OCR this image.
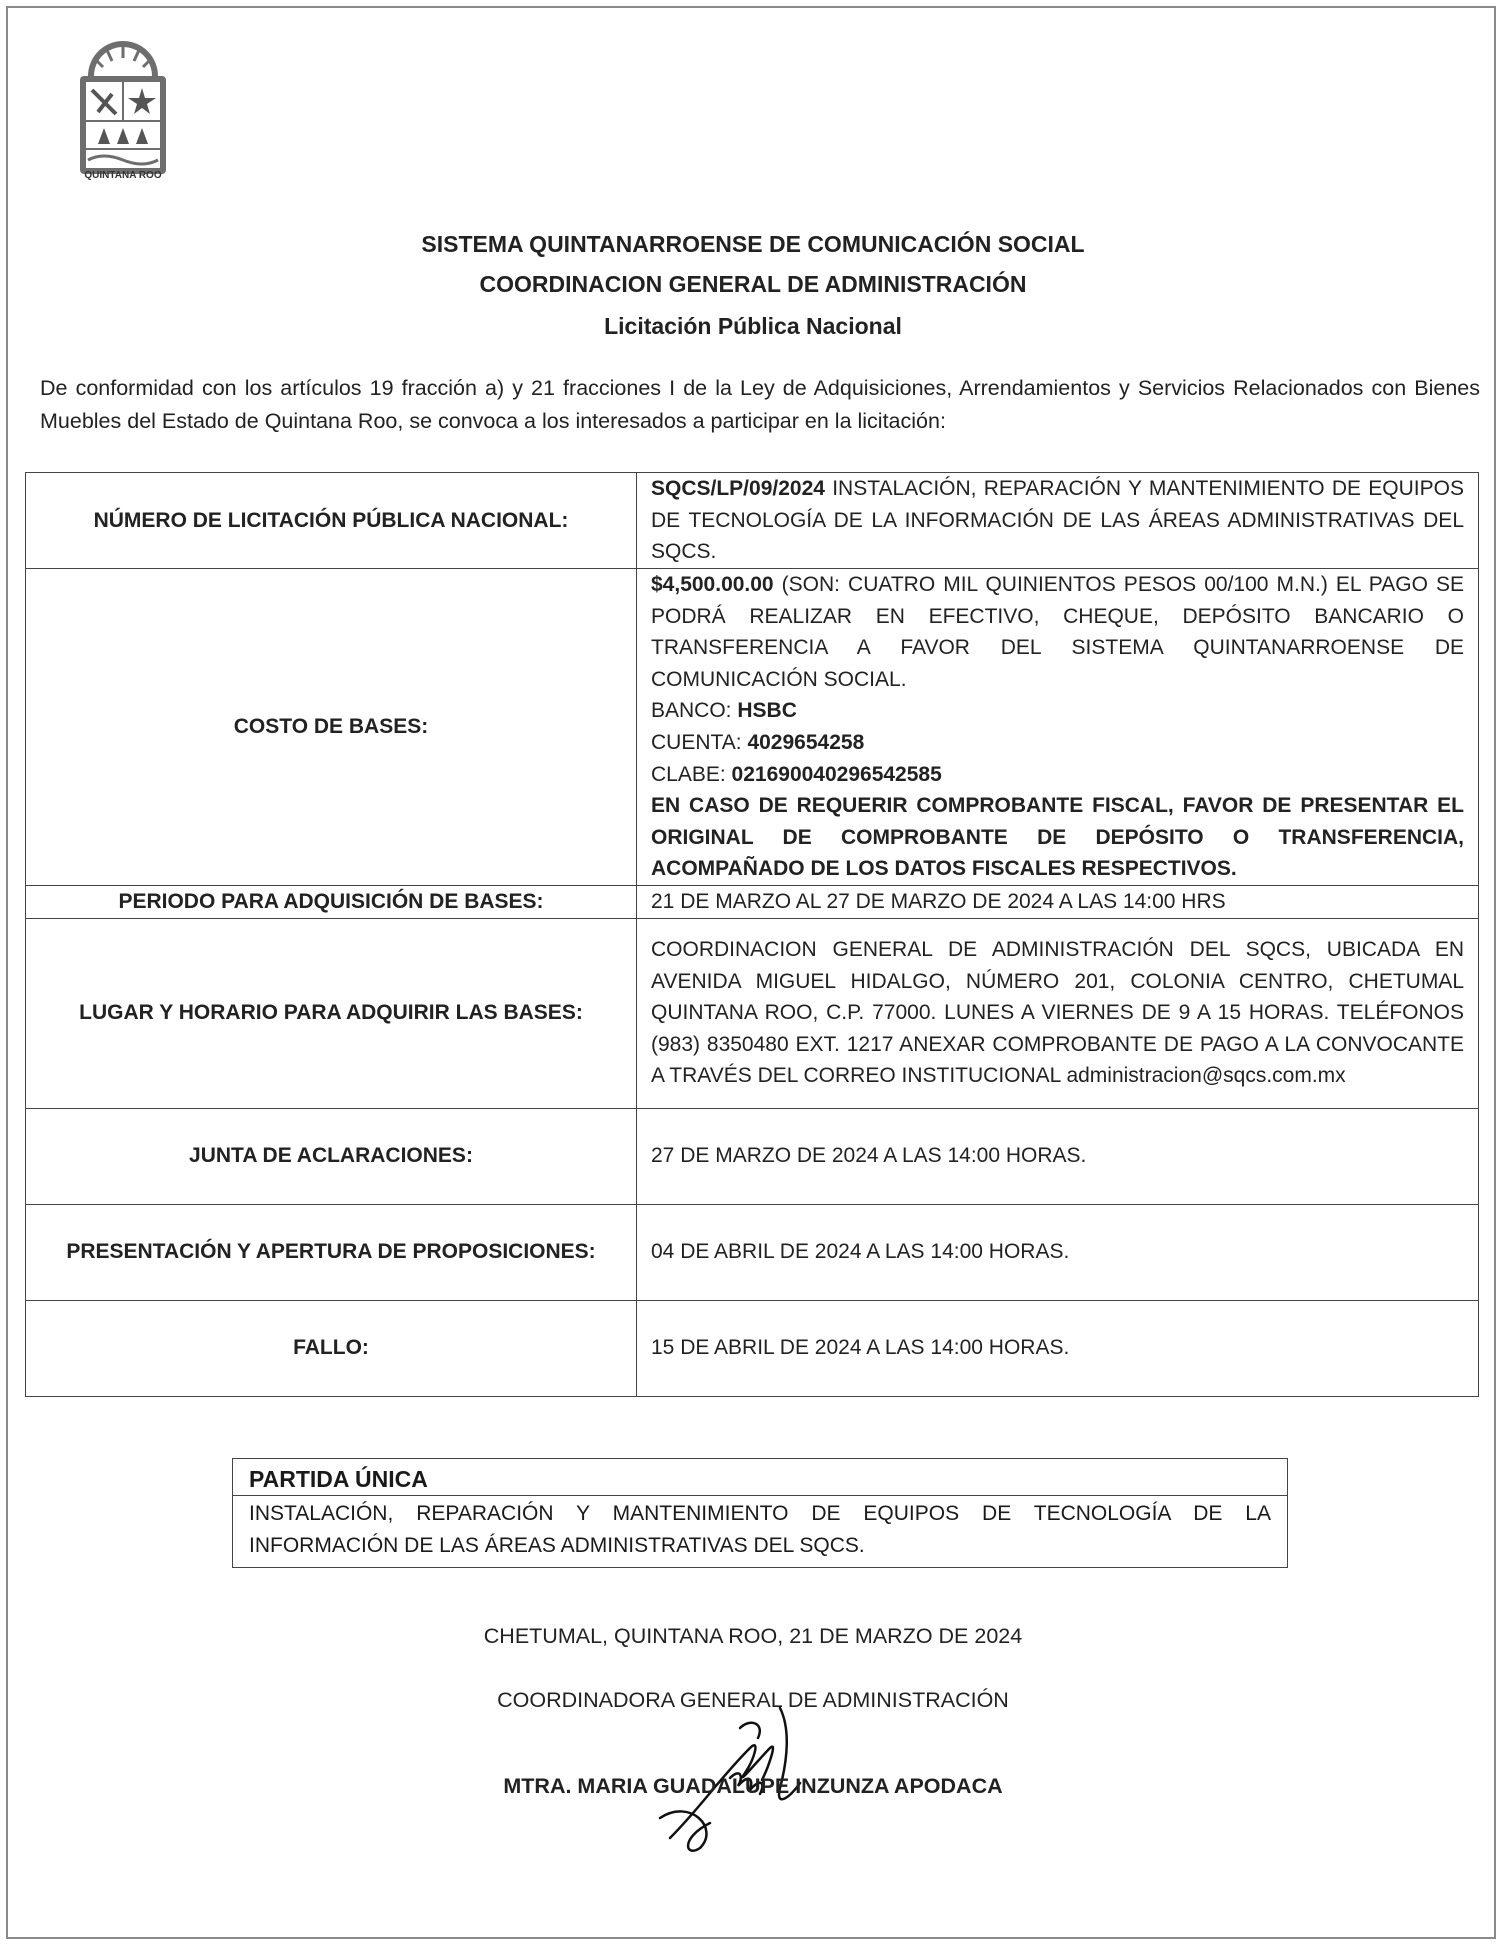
QUINTANA ROO
SISTEMA QUINTANARROENSE DE COMUNICACIÓN SOCIAL
COORDINACION GENERAL DE ADMINISTRACIÓN
Licitación Pública Nacional
De conformidad con los artículos 19 fracción a) y 21 fracciones I de la Ley de Adquisiciones, Arrendamientos y Servicios Relacionados con Bienes Muebles del Estado de Quintana Roo, se convoca a los interesados a participar en la licitación:
NÚMERO DE LICITACIÓN PÚBLICA NACIONAL:	SQCS/LP/09/2024 INSTALACIÓN, REPARACIÓN Y MANTENIMIENTO DE EQUIPOS DE TECNOLOGÍA DE LA INFORMACIÓN DE LAS ÁREAS ADMINISTRATIVAS DEL SQCS.
COSTO DE BASES:	$4,500.00.00 (SON: CUATRO MIL QUINIENTOS PESOS 00/100 M.N.) EL PAGO SE PODRÁ REALIZAR EN EFECTIVO, CHEQUE, DEPÓSITO BANCARIO O TRANSFERENCIA A FAVOR DEL SISTEMA QUINTANARROENSE DE COMUNICACIÓN SOCIAL.
BANCO: HSBC
CUENTA: 4029654258
CLABE: 021690040296542585
EN CASO DE REQUERIR COMPROBANTE FISCAL, FAVOR DE PRESENTAR EL ORIGINAL DE COMPROBANTE DE DEPÓSITO O TRANSFERENCIA, ACOMPAÑADO DE LOS DATOS FISCALES RESPECTIVOS.

PERIODO PARA ADQUISICIÓN DE BASES:	21 DE MARZO AL 27 DE MARZO DE 2024 A LAS 14:00 HRS
LUGAR Y HORARIO PARA ADQUIRIR LAS BASES:	COORDINACION GENERAL DE ADMINISTRACIÓN DEL SQCS, UBICADA EN AVENIDA MIGUEL HIDALGO, NÚMERO 201, COLONIA CENTRO, CHETUMAL QUINTANA ROO, C.P. 77000. LUNES A VIERNES DE 9 A 15 HORAS. TELÉFONOS (983) 8350480 EXT. 1217 ANEXAR COMPROBANTE DE PAGO A LA CONVOCANTE A TRAVÉS DEL CORREO INSTITUCIONAL administracion@sqcs.com.mx
JUNTA DE ACLARACIONES:	27 DE MARZO DE 2024 A LAS 14:00 HORAS.
PRESENTACIÓN Y APERTURA DE PROPOSICIONES:	04 DE ABRIL DE 2024 A LAS 14:00 HORAS.
FALLO:	15 DE ABRIL DE 2024 A LAS 14:00 HORAS.
PARTIDA ÚNICA
INSTALACIÓN, REPARACIÓN Y MANTENIMIENTO DE EQUIPOS DE TECNOLOGÍA DE LA INFORMACIÓN DE LAS ÁREAS ADMINISTRATIVAS DEL SQCS.
CHETUMAL, QUINTANA ROO, 21 DE MARZO DE 2024
COORDINADORA GENERAL DE ADMINISTRACIÓN
MTRA. MARIA GUADALUPE INZUNZA APODACA
